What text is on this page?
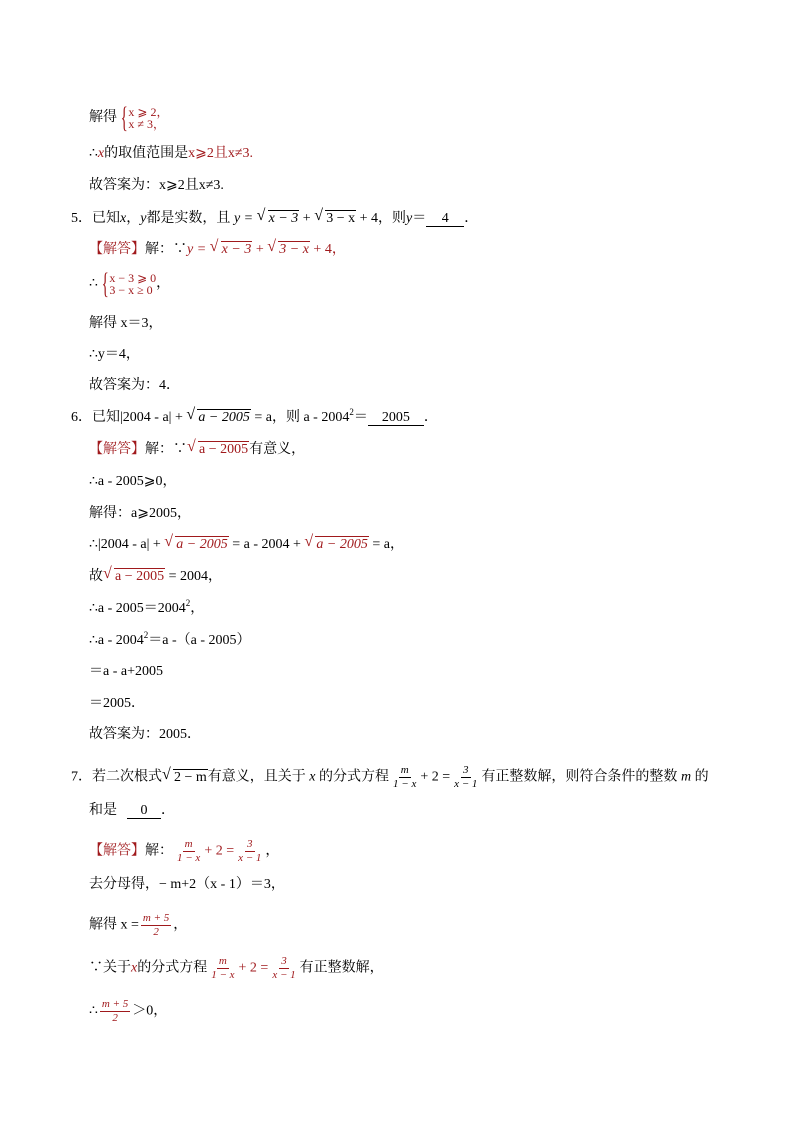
解得 { x ⩾ 2，
x ≠ 3，
∴x的取值范围是x⩾2且x≠3.
故答案为：x⩾2且x≠3.
5．已知x，y都是实数，且 y = √ x − 3 + √ 3 − x + 4，则y＝ 4 ．
【解答】解：∵y = √ x − 3 + √ 3 − x + 4，
∴ { x − 3 ⩾ 0
3 − x ≥ 0 ，
解得 x＝3，
∴y＝4，
故答案为：4．
6．已知|2004 - a| + √ a − 2005 = a，则 $a - 2004^2= 2005$ ．
【解答】解：∵ √ a − 2005有意义，
∴a - 2005⩾0，
解得：a⩾2005，
∴|2004 - a| + √ a − 2005 = a - 2004 + √ a − 2005 = a，
故 √ a − 2005 = 2004，
∴a - $2005=2004^2$，
∴a - $2004^2=a$ -（a - 2005）
＝a - a+2005
＝2005．
故答案为：2005．
7．若二次根式 √ 2 − m有意义，且关于 x 的分式方程 $\frac{m}{1 - x} + 2 = \frac{3}{x - 1}$ 有正整数解，则符合条件的整数 m 的
和是 0 ．
【解答】解： $\frac{m}{1 - x} + 2 = \frac{3}{x - 1}$ ，
去分母得，− m+2（x - 1）＝3，
解得 $x = \frac{m + 5}{2}$ ，
∵关于x的分式方程 $\frac{m}{1 - x} + 2 = \frac{3}{x - 1}$ 有正整数解，
∴ $\frac{m + 5}{2} >0$，
